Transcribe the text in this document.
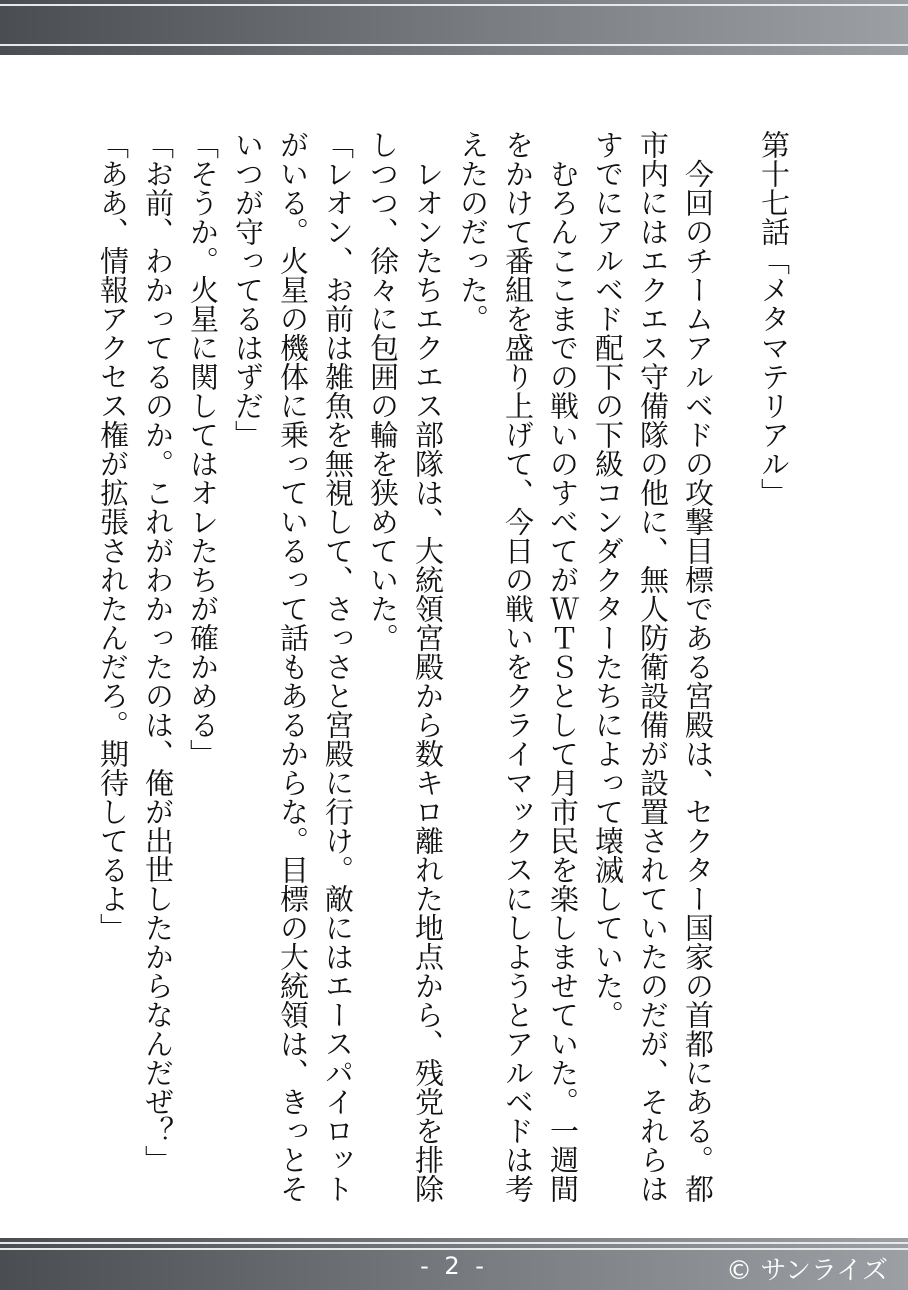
第十七話「メタマテリアル」

　今回のチームアルベドの攻撃目標である宮殿は、セクター国家の首都にある。都市内にはエクエス守備隊の他に、無人防衛設備が設置されていたのだが、それらはすでにアルベド配下の下級コンダクターたちによって壊滅していた。

　むろんここまでの戦いのすべてがＷＴＳとして月市民を楽しませていた。一週間をかけて番組を盛り上げて、今日の戦いをクライマックスにしようとアルベドは考えたのだった。

　レオンたちエクエス部隊は、大統領宮殿から数キロ離れた地点から、残党を排除しつつ、徐々に包囲の輪を狭めていた。

「レオン、お前は雑魚を無視して、さっさと宮殿に行け。敵にはエースパイロットがいる。火星の機体に乗っているって話もあるからな。目標の大統領は、きっとそいつが守ってるはずだ」

「そうか。火星に関してはオレたちが確かめる」

「お前、わかってるのか。これがわかったのは、俺が出世したからなんだぜ？」

「ああ、情報アクセス権が拡張されたんだろ。期待してるよ」

- 2 -	© サンライズ
